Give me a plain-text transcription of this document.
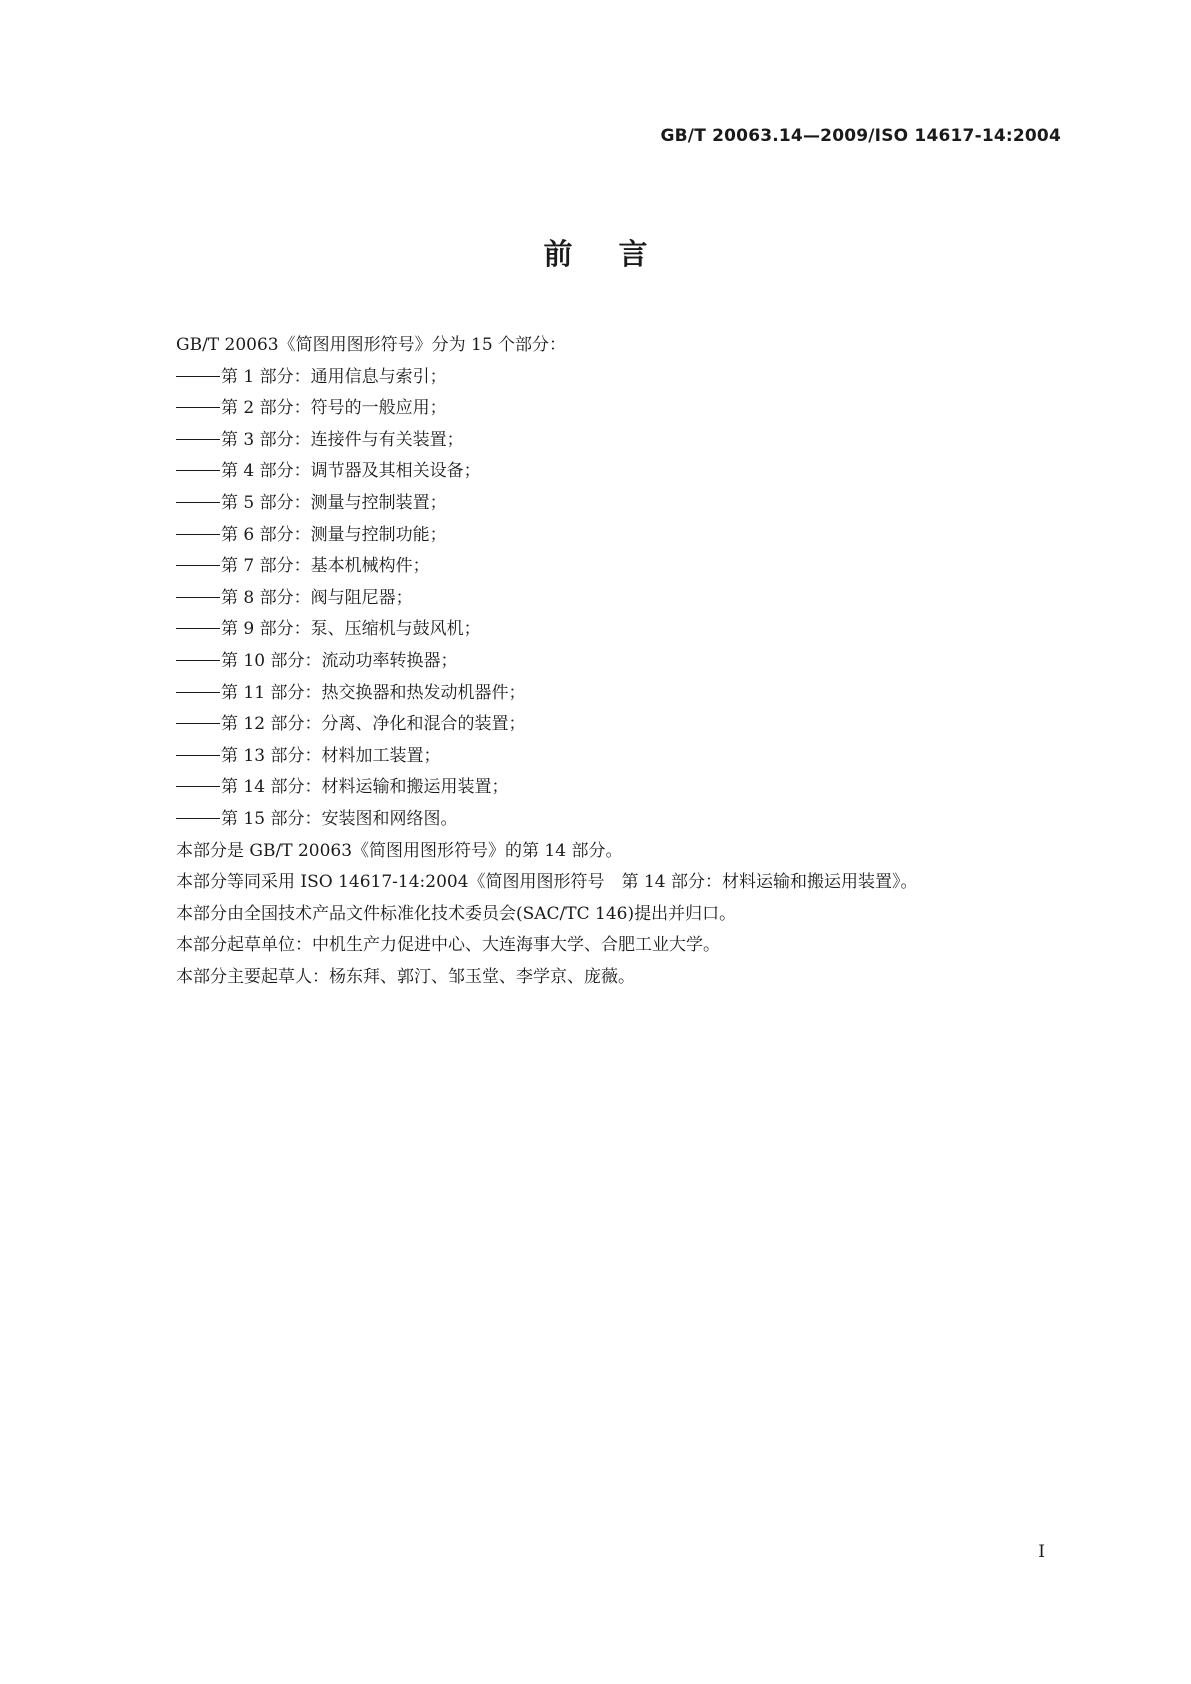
GB/T 20063.14—2009/ISO 14617-14:2004
前言
GB/T 20063《简图用图形符号》分为 15 个部分：
第 1 部分：通用信息与索引；
第 2 部分：符号的一般应用；
第 3 部分：连接件与有关装置；
第 4 部分：调节器及其相关设备；
第 5 部分：测量与控制装置；
第 6 部分：测量与控制功能；
第 7 部分：基本机械构件；
第 8 部分：阀与阻尼器；
第 9 部分：泵、压缩机与鼓风机；
第 10 部分：流动功率转换器；
第 11 部分：热交换器和热发动机器件；
第 12 部分：分离、净化和混合的装置；
第 13 部分：材料加工装置；
第 14 部分：材料运输和搬运用装置；
第 15 部分：安装图和网络图。
本部分是 GB/T 20063《简图用图形符号》的第 14 部分。
本部分等同采用 ISO 14617-14:2004《简图用图形符号　第 14 部分：材料运输和搬运用装置》。
本部分由全国技术产品文件标准化技术委员会(SAC/TC 146)提出并归口。
本部分起草单位：中机生产力促进中心、大连海事大学、合肥工业大学。
本部分主要起草人：杨东拜、郭汀、邹玉堂、李学京、庞薇。
I
